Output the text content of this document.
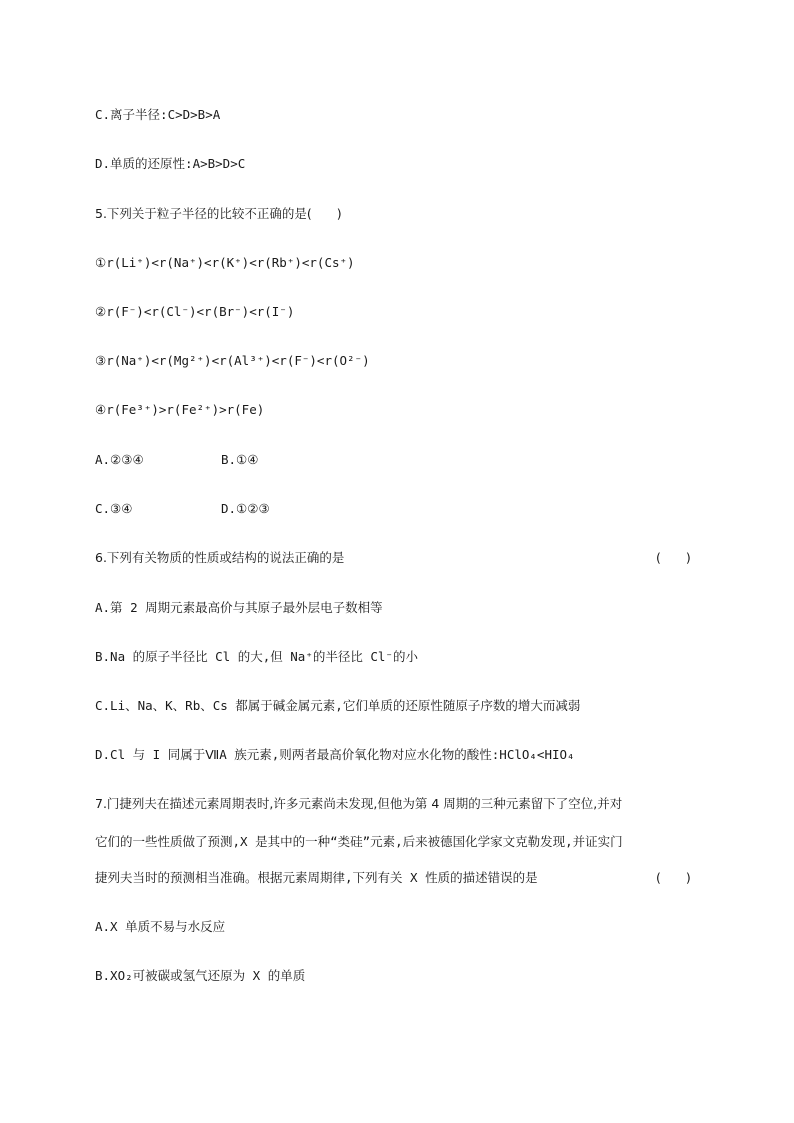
C.离子半径:C>D>B>A
D.单质的还原性:A>B>D>C
5.下列关于粒子半径的比较不正确的是(　　)
①r(Li⁺)<r(Na⁺)<r(K⁺)<r(Rb⁺)<r(Cs⁺)
②r(F⁻)<r(Cl⁻)<r(Br⁻)<r(I⁻)
③r(Na⁺)<r(Mg²⁺)<r(Al³⁺)<r(F⁻)<r(O²⁻)
④r(Fe³⁺)>r(Fe²⁺)>r(Fe)
A.②③④	B.①④
C.③④	D.①②③
6.下列有关物质的性质或结构的说法正确的是	(　　)
A.第 2 周期元素最高价与其原子最外层电子数相等
B.Na 的原子半径比 Cl 的大,但 Na⁺的半径比 Cl⁻的小
C.Li、Na、K、Rb、Cs 都属于碱金属元素,它们单质的还原性随原子序数的增大而减弱
D.Cl 与 I 同属于ⅦA 族元素,则两者最高价氧化物对应水化物的酸性:HClO₄<HIO₄
7.门捷列夫在描述元素周期表时,许多元素尚未发现,但他为第 4 周期的三种元素留下了空位,并对
它们的一些性质做了预测,X 是其中的一种“类硅”元素,后来被德国化学家文克勒发现,并证实门
捷列夫当时的预测相当准确。根据元素周期律,下列有关 X 性质的描述错误的是	(　　)
A.X 单质不易与水反应
B.XO₂可被碳或氢气还原为 X 的单质
